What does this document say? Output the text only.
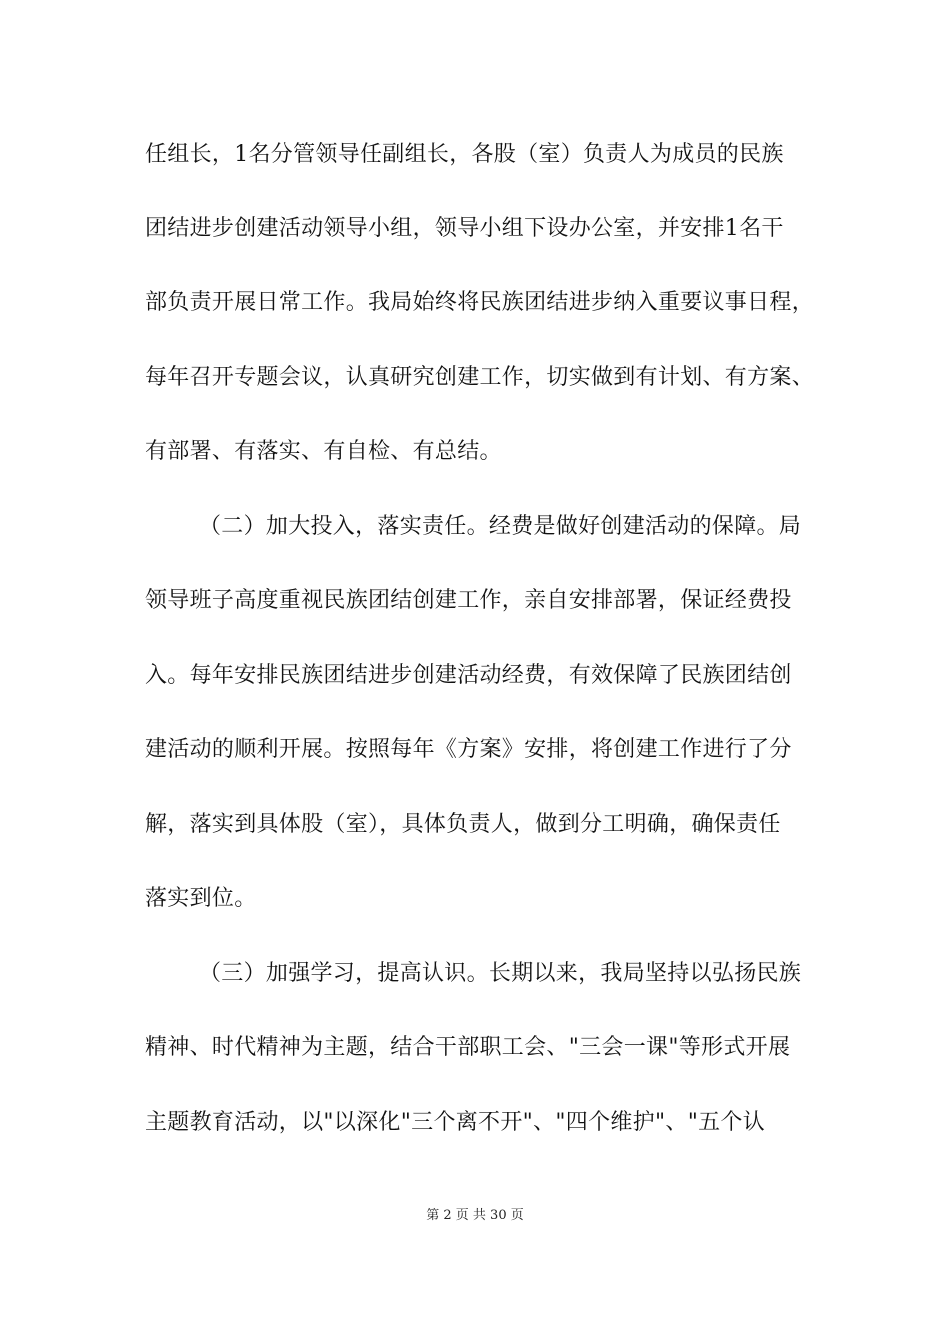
任组长，1名分管领导任副组长，各股（室）负责人为成员的民族
团结进步创建活动领导小组，领导小组下设办公室，并安排1名干
部负责开展日常工作。我局始终将民族团结进步纳入重要议事日程，
每年召开专题会议，认真研究创建工作，切实做到有计划、有方案、
有部署、有落实、有自检、有总结。
（二）加大投入，落实责任。经费是做好创建活动的保障。局
领导班子高度重视民族团结创建工作，亲自安排部署，保证经费投
入。每年安排民族团结进步创建活动经费，有效保障了民族团结创
建活动的顺利开展。按照每年《方案》安排，将创建工作进行了分
解，落实到具体股（室），具体负责人，做到分工明确，确保责任
落实到位。
（三）加强学习，提高认识。长期以来，我局坚持以弘扬民族
精神、时代精神为主题，结合干部职工会、"三会一课"等形式开展
主题教育活动，以"以深化"三个离不开"、"四个维护"、"五个认
第 2 页 共 30 页
